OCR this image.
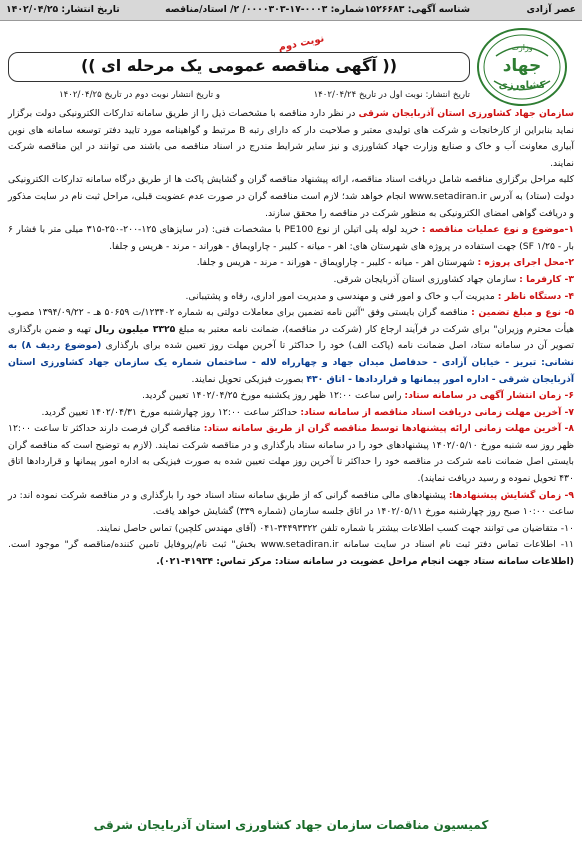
عصر آزادی
شناسه آگهی: ۱۵۲۶۶۸۳
شماره: ۰۰۰۳-۱۷-۰۰۰۰۳۰۳/ ۲/ استاد/مناقصه
تاریخ انتشار: ۱۴۰۲/۰۴/۲۵
وزارت
جهاد
کشاورزی
نوبت دوم
(( آگهی مناقصه عمومی یک مرحله ای ))
تاریخ انتشار: نوبت اول در تاریخ ۱۴۰۲/۰۴/۲۴
و تاریخ انتشار نوبت دوم در تاریخ ۱۴۰۲/۰۴/۲۵

سازمان جهاد کشاورزی استان آذربایجان شرقی در نظر دارد مناقصه با مشخصات ذیل را از طریق سامانه تدارکات الکترونیکی دولت برگزار نماید بنابراین از کارخانجات و شرکت های تولیدی معتبر و صلاحیت دار که دارای رتبه B مرتبط و گواهینامه مورد تایید دفتر توسعه سامانه های نوین آبیاری معاونت آب و خاک و صنایع وزارت جهاد کشاورزی و نیز سایر شرایط مندرج در اسناد مناقصه می باشند می توانند در این مناقصه شرکت نمایند.

کلیه مراحل برگزاری مناقصه شامل دریافت اسناد مناقصه، ارائه پیشنهاد مناقصه گران و گشایش پاکت ها از طریق درگاه سامانه تدارکات الکترونیکی دولت (ستاد) به آدرس www.setadiran.ir انجام خواهد شد؛ لازم است مناقصه گران در صورت عدم عضویت قبلی، مراحل ثبت نام در سایت مذکور و دریافت گواهی امضای الکترونیکی به منظور شرکت در مناقصه را محقق سازند.

۱-موضوع و نوع عملیات مناقصه : خرید لوله پلی اتیلن از نوع PE100 با مشخصات فنی: (در سایزهای ۱۲۵-۲۰۰-۲۵۰-۳۱۵ میلی متر با فشار ۶ بار - SF ۱/۲۵) جهت استفاده در پروژه های شهرستان های: اهر - میانه - کلیبر - چاراویماق - هوراند - مرند - هریس و جلفا.

۲-محل اجرای پروژه : شهرستان اهر - میانه - کلیبر - چاراویماق - هوراند - مرند - هریس و جلفا.

۳- کارفرما : سازمان جهاد کشاورزی استان آذربایجان شرقی.

۴- دستگاه ناظر : مدیریت آب و خاک و امور فنی و مهندسی و مدیریت امور اداری، رفاه و پشتیبانی.

۵- نوع و مبلغ تضمین : مناقصه گران بایستی وفق "آئین نامه تضمین برای معاملات دولتی به شماره ۱۲۳۴۰۲/ت ۵۰۶۵۹ هـ - ۱۳۹۴/۰۹/۲۲ مصوب هیأت محترم وزیران" برای شرکت در فرآیند ارجاع کار (شرکت در مناقصه)، ضمانت نامه معتبر به مبلغ ۳۳۲۵ میلیون ریال تهیه و ضمن بارگذاری تصویر آن در سامانه ستاد، اصل ضمانت نامه (پاکت الف) خود را حداکثر تا آخرین مهلت روز تعیین شده برای بارگذاری (موضوع ردیف ۸) به نشانی: تبریز - خیابان آزادی - حدفاصل میدان جهاد و چهارراه لاله - ساختمان شماره یک سازمان جهاد کشاورزی استان آذربایجان شرقی - اداره امور پیمانها و قراردادها - اتاق ۴۳۰ بصورت فیزیکی تحویل نمایند.

۶- زمان انتشار آگهی در سامانه ستاد: راس ساعت ۱۲:۰۰ ظهر روز یکشنبه مورخ ۱۴۰۲/۰۴/۲۵ تعیین گردید.

۷- آخرین مهلت زمانی دریافت اسناد مناقصه از سامانه ستاد: حداکثر ساعت ۱۲:۰۰ روز چهارشنبه مورخ ۱۴۰۲/۰۴/۳۱ تعیین گردید.

۸- آخرین مهلت زمانی ارائه پیشنهادها توسط مناقصه گران از طریق سامانه ستاد: مناقصه گران فرصت دارند حداکثر تا ساعت ۱۲:۰۰ ظهر روز سه شنبه مورخ ۱۴۰۲/۰۵/۱۰ پیشنهادهای خود را در سامانه ستاد بارگذاری و در مناقصه شرکت نمایند. (لازم به توضیح است که مناقصه گران بایستی اصل ضمانت نامه شرکت در مناقصه خود را حداکثر تا آخرین روز مهلت تعیین شده به صورت فیزیکی به اداره امور پیمانها و قراردادها اتاق ۴۳۰ تحویل نموده و رسید دریافت نمایند).

۹- زمان گشایش پیشنهادها: پیشنهادهای مالی مناقصه گرانی که از طریق سامانه ستاد اسناد خود را بارگذاری و در مناقصه شرکت نموده اند: در ساعت ۱۰:۰۰ صبح روز چهارشنبه مورخ ۱۴۰۲/۰۵/۱۱ در اتاق جلسه سازمان (شماره ۳۳۹) گشایش خواهد یافت.

۱۰- متقاضیان می توانند جهت کسب اطلاعات بیشتر با شماره تلفن ۳۴۴۹۳۳۲۲-۰۴۱ (آقای مهندس کلچین) تماس حاصل نمایند.

۱۱- اطلاعات تماس دفتر ثبت نام اسناد در سایت سامانه www.setadiran.ir بخش" ثبت نام/پروفایل تامین کننده/مناقصه گر" موجود است. (اطلاعات سامانه ستاد جهت انجام مراحل عضویت در سامانه ستاد: مرکز تماس: ۴۱۹۳۴-۰۲۱).

کمیسیون مناقصات سازمان جهاد کشاورزی استان آذربایجان شرقی
